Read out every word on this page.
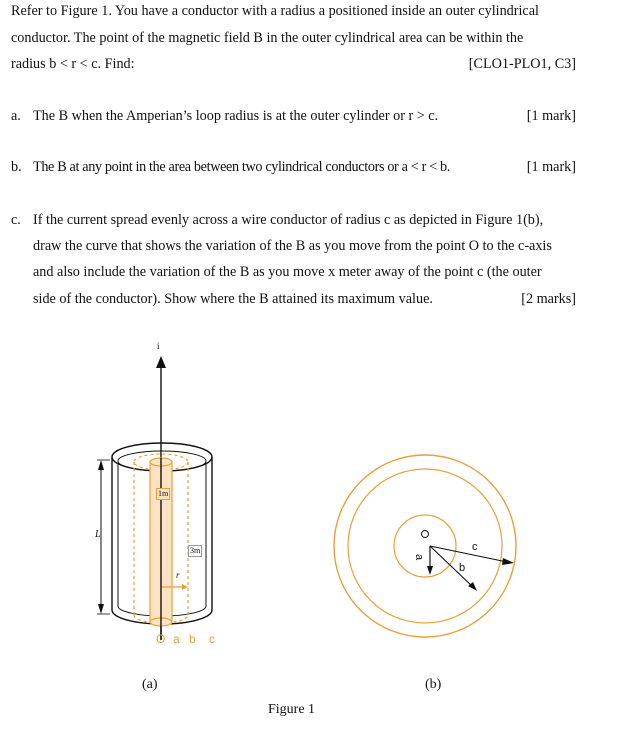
Refer to Figure 1. You have a conductor with a radius a positioned inside an outer cylindrical
conductor. The point of the magnetic field B in the outer cylindrical area can be within the
radius b < r < c. Find:	[CLO1-PLO1, C3]
a. The B when the Amperian’s loop radius is at the outer cylinder or r > c.	[1 mark]
b. The B at any point in the area between two cylindrical conductors or a < r < b.	[1 mark]
c. If the current spread evenly across a wire conductor of radius c as depicted in Figure 1(b),
draw the curve that shows the variation of the B as you move from the point O to the c-axis
and also include the variation of the B as you move x meter away of the point c (the outer
side of the conductor). Show where the B attained its maximum value.	[2 marks]
i
L
1m
3m
r
O a b c
(a)
a
b
c
(b)
Figure 1
